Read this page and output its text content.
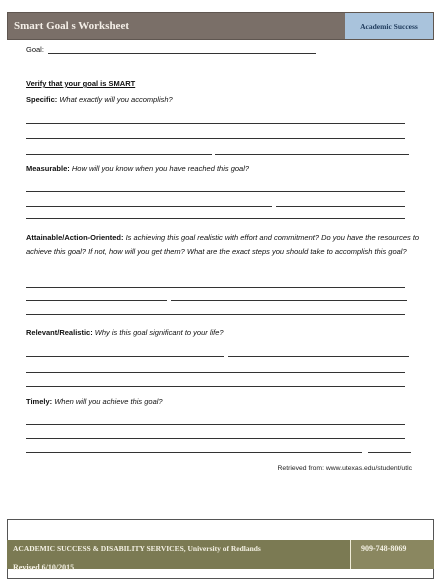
Smart Goal s Worksheet	Academic Success
Goal:
Verify that your goal is SMART
Specific: What exactly will you accomplish?
Measurable: How will you know when you have reached this goal?
Attainable/Action-Oriented: Is achieving this goal realistic with effort and commitment? Do you have the resources to achieve this goal? If not, how will you get them? What are the exact steps you should take to accomplish this goal?
Relevant/Realistic: Why is this goal significant to your life?
Timely: When will you achieve this goal?
Retrieved from: www.utexas.edu/student/utlc
ACADEMIC SUCCESS & DISABILITY SERVICES, University of Redlands
Revised 6/10/2015
909-748-8069
